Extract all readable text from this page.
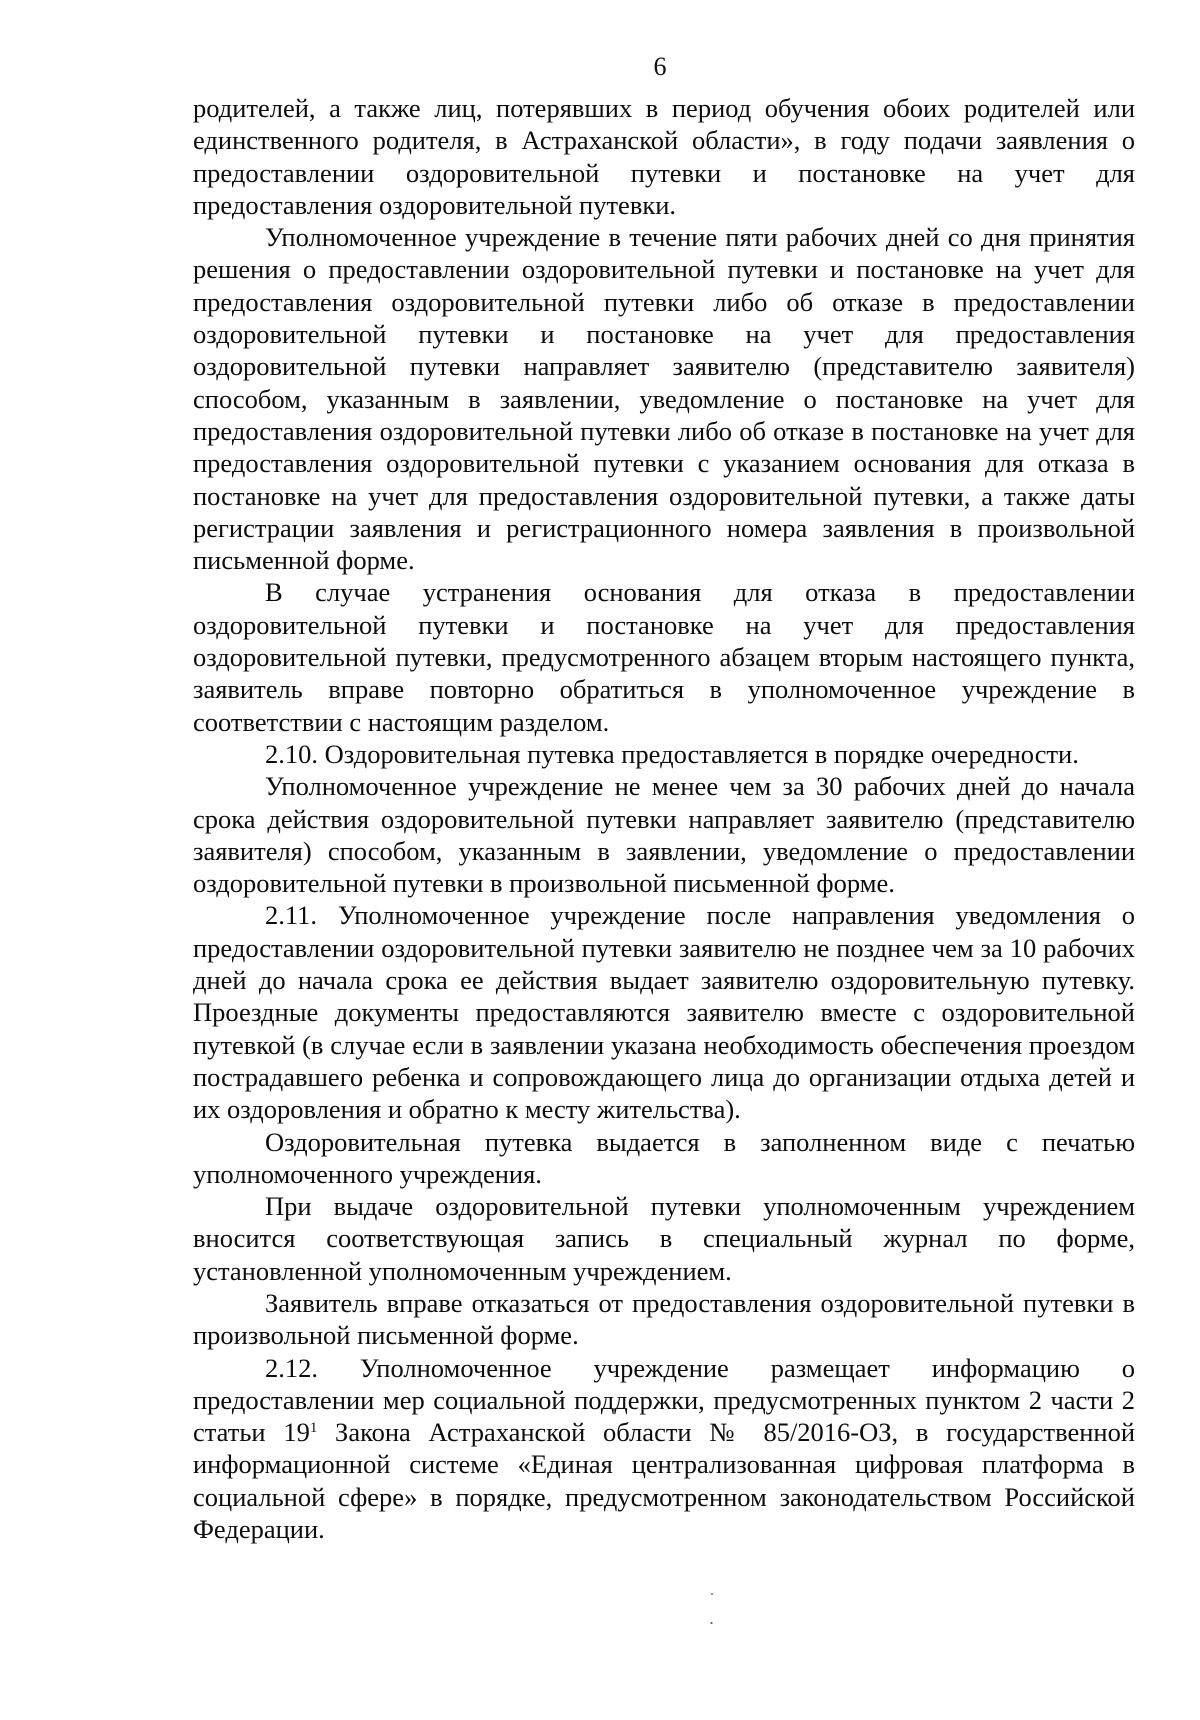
6

родителей, а также лиц, потерявших в период обучения обоих родителей или единственного родителя, в Астраханской области», в году подачи заявления о предоставлении оздоровительной путевки и постановке на учет для предоставления оздоровительной путевки.

Уполномоченное учреждение в течение пяти рабочих дней со дня принятия решения о предоставлении оздоровительной путевки и постановке на учет для предоставления оздоровительной путевки либо об отказе в предоставлении оздоровительной путевки и постановке на учет для предоставления оздоровительной путевки направляет заявителю (представителю заявителя) способом, указанным в заявлении, уведомление о постановке на учет для предоставления оздоровительной путевки либо об отказе в постановке на учет для предоставления оздоровительной путевки с указанием основания для отказа в постановке на учет для предоставления оздоровительной путевки, а также даты регистрации заявления и регистрационного номера заявления в произвольной письменной форме.

В случае устранения основания для отказа в предоставлении оздоровительной путевки и постановке на учет для предоставления оздоровительной путевки, предусмотренного абзацем вторым настоящего пункта, заявитель вправе повторно обратиться в уполномоченное учреждение в соответствии с настоящим разделом.

2.10. Оздоровительная путевка предоставляется в порядке очередности.

Уполномоченное учреждение не менее чем за 30 рабочих дней до начала срока действия оздоровительной путевки направляет заявителю (представителю заявителя) способом, указанным в заявлении, уведомление о предоставлении оздоровительной путевки в произвольной письменной форме.

2.11. Уполномоченное учреждение после направления уведомления о предоставлении оздоровительной путевки заявителю не позднее чем за 10 рабочих дней до начала срока ее действия выдает заявителю оздоровительную путевку. Проездные документы предоставляются заявителю вместе с оздоровительной путевкой (в случае если в заявлении указана необходимость обеспечения проездом пострадавшего ребенка и сопровождающего лица до организации отдыха детей и их оздоровления и обратно к месту жительства).

Оздоровительная путевка выдается в заполненном виде с печатью уполномоченного учреждения.

При выдаче оздоровительной путевки уполномоченным учреждением вносится соответствующая запись в специальный журнал по форме, установленной уполномоченным учреждением.

Заявитель вправе отказаться от предоставления оздоровительной путевки в произвольной письменной форме.

2.12. Уполномоченное учреждение размещает информацию о предоставлении мер социальной поддержки, предусмотренных пунктом 2 части 2 статьи $19^1$ Закона Астраханской области № 85/2016-ОЗ, в государственной информационной системе «Единая централизованная цифровая платформа в социальной сфере» в порядке, предусмотренном законодательством Российской Федерации.
